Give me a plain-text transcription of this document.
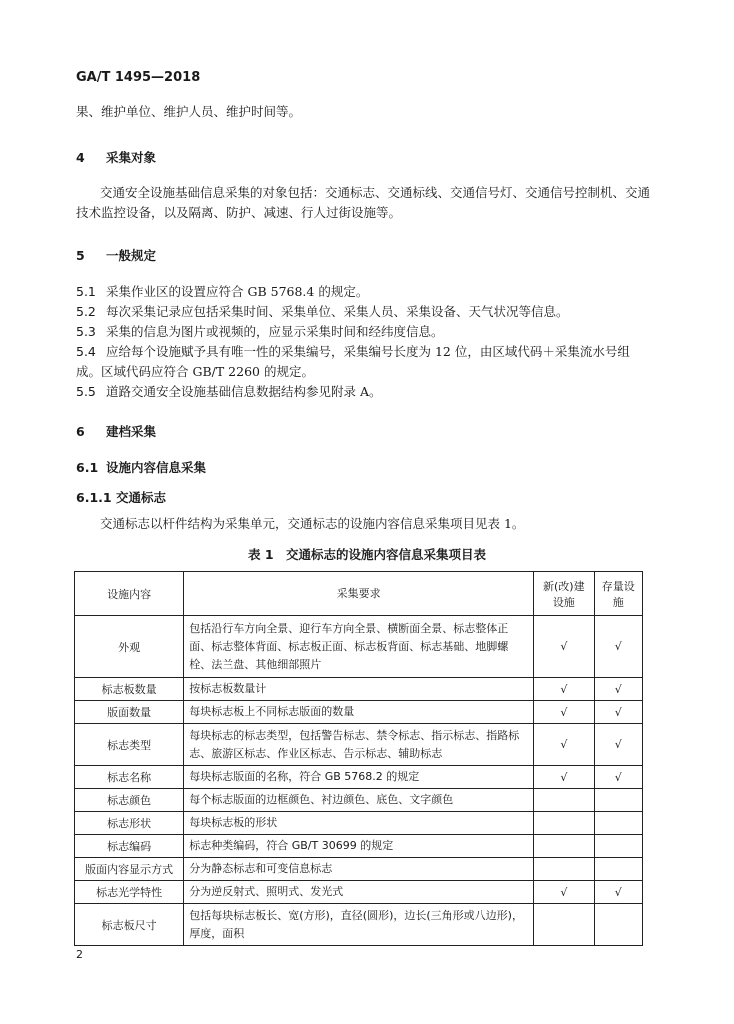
GA/T 1495—2018
果、维护单位、维护人员、维护时间等。
4 采集对象
交通安全设施基础信息采集的对象包括：交通标志、交通标线、交通信号灯、交通信号控制机、交通
技术监控设备，以及隔离、防护、减速、行人过街设施等。
5 一般规定
5.1 采集作业区的设置应符合 GB 5768.4 的规定。
5.2 每次采集记录应包括采集时间、采集单位、采集人员、采集设备、天气状况等信息。
5.3 采集的信息为图片或视频的，应显示采集时间和经纬度信息。
5.4 应给每个设施赋予具有唯一性的采集编号，采集编号长度为 12 位，由区域代码＋采集流水号组
成。区域代码应符合 GB/T 2260 的规定。
5.5 道路交通安全设施基础信息数据结构参见附录 A。
6 建档采集
6.1 设施内容信息采集
6.1.1 交通标志
交通标志以杆件结构为采集单元，交通标志的设施内容信息采集项目见表 1。
表 1　交通标志的设施内容信息采集项目表
设施内容	采集要求	新(改)建设施	存量设施
外观	包括沿行车方向全景、迎行车方向全景、横断面全景、标志整体正面、标志整体背面、标志板正面、标志板背面、标志基础、地脚螺栓、法兰盘、其他细部照片	√	√
标志板数量	按标志板数量计	√	√
版面数量	每块标志板上不同标志版面的数量	√	√
标志类型	每块标志的标志类型，包括警告标志、禁令标志、指示标志、指路标志、旅游区标志、作业区标志、告示标志、辅助标志	√	√
标志名称	每块标志版面的名称，符合 GB 5768.2 的规定	√	√
标志颜色	每个标志版面的边框颜色、衬边颜色、底色、文字颜色		
标志形状	每块标志板的形状		
标志编码	标志种类编码，符合 GB/T 30699 的规定		
版面内容显示方式	分为静态标志和可变信息标志		
标志光学特性	分为逆反射式、照明式、发光式	√	√
标志板尺寸	包括每块标志板长、宽(方形)，直径(圆形)，边长(三角形或八边形)，厚度，面积		
2
